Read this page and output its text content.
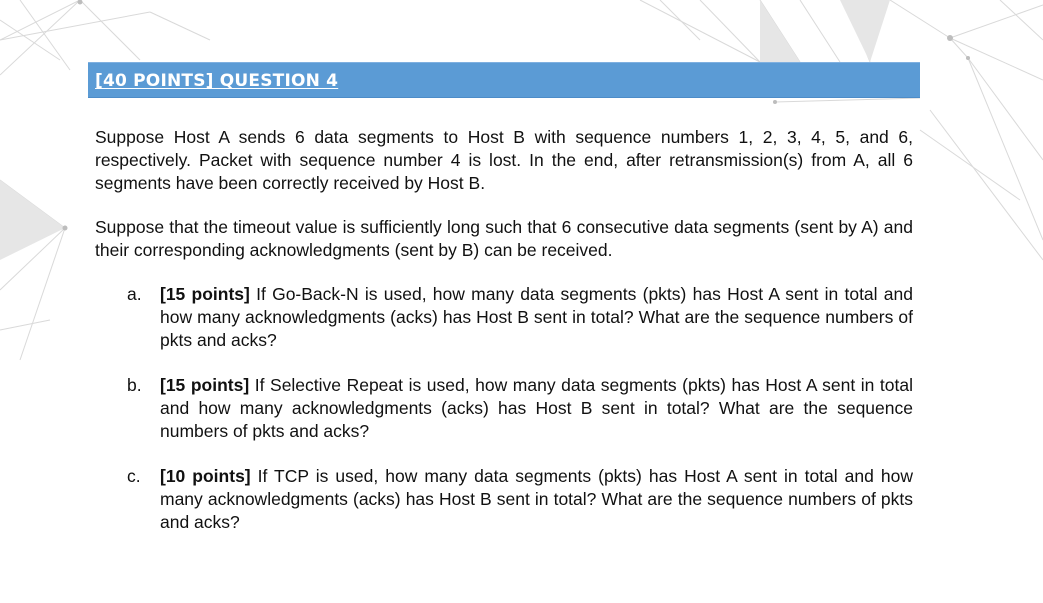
[40 POINTS] QUESTION 4

Suppose Host A sends 6 data segments to Host B with sequence numbers 1, 2, 3, 4, 5, and 6, respectively. Packet with sequence number 4 is lost. In the end, after retransmission(s) from A, all 6 segments have been correctly received by Host B.

Suppose that the timeout value is sufficiently long such that 6 consecutive data segments (sent by A) and their corresponding acknowledgments (sent by B) can be received.

a. [15 points] If Go-Back-N is used, how many data segments (pkts) has Host A sent in total and how many acknowledgments (acks) has Host B sent in total? What are the sequence numbers of pkts and acks?
b. [15 points] If Selective Repeat is used, how many data segments (pkts) has Host A sent in total and how many acknowledgments (acks) has Host B sent in total? What are the sequence numbers of pkts and acks?
c. [10 points] If TCP is used, how many data segments (pkts) has Host A sent in total and how many acknowledgments (acks) has Host B sent in total? What are the sequence numbers of pkts and acks?
